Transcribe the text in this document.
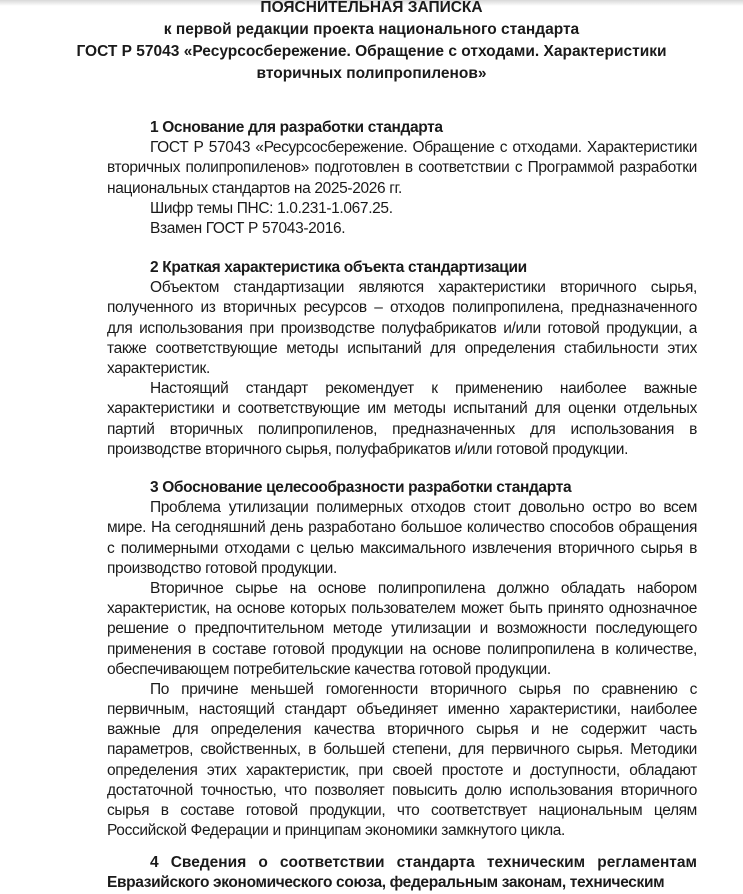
ПОЯСНИТЕЛЬНАЯ ЗАПИСКА
к первой редакции проекта национального стандарта
ГОСТ Р 57043 «Ресурсосбережение. Обращение с отходами. Характеристики
вторичных полипропиленов»
1 Основание для разработки стандарта
ГОСТ Р 57043 «Ресурсосбережение. Обращение с отходами. Характеристики
вторичных полипропиленов» подготовлен в соответствии с Программой разработки
национальных стандартов на 2025-2026 гг.
Шифр темы ПНС: 1.0.231-1.067.25.
Взамен ГОСТ Р 57043-2016.
2 Краткая характеристика объекта стандартизации
Объектом стандартизации являются характеристики вторичного сырья,
полученного из вторичных ресурсов – отходов полипропилена, предназначенного
для использования при производстве полуфабрикатов и/или готовой продукции, а
также соответствующие методы испытаний для определения стабильности этих
характеристик.
Настоящий стандарт рекомендует к применению наиболее важные
характеристики и соответствующие им методы испытаний для оценки отдельных
партий вторичных полипропиленов, предназначенных для использования в
производстве вторичного сырья, полуфабрикатов и/или готовой продукции.
3 Обоснование целесообразности разработки стандарта
Проблема утилизации полимерных отходов стоит довольно остро во всем
мире. На сегодняшний день разработано большое количество способов обращения
с полимерными отходами с целью максимального извлечения вторичного сырья в
производство готовой продукции.
Вторичное сырье на основе полипропилена должно обладать набором
характеристик, на основе которых пользователем может быть принято однозначное
решение о предпочтительном методе утилизации и возможности последующего
применения в составе готовой продукции на основе полипропилена в количестве,
обеспечивающем потребительские качества готовой продукции.
По причине меньшей гомогенности вторичного сырья по сравнению с
первичным, настоящий стандарт объединяет именно характеристики, наиболее
важные для определения качества вторичного сырья и не содержит часть
параметров, свойственных, в большей степени, для первичного сырья. Методики
определения этих характеристик, при своей простоте и доступности, обладают
достаточной точностью, что позволяет повысить долю использования вторичного
сырья в составе готовой продукции, что соответствует национальным целям
Российской Федерации и принципам экономики замкнутого цикла.
4 Сведения о соответствии стандарта техническим регламентам
Евразийского экономического союза, федеральным законам, техническим
